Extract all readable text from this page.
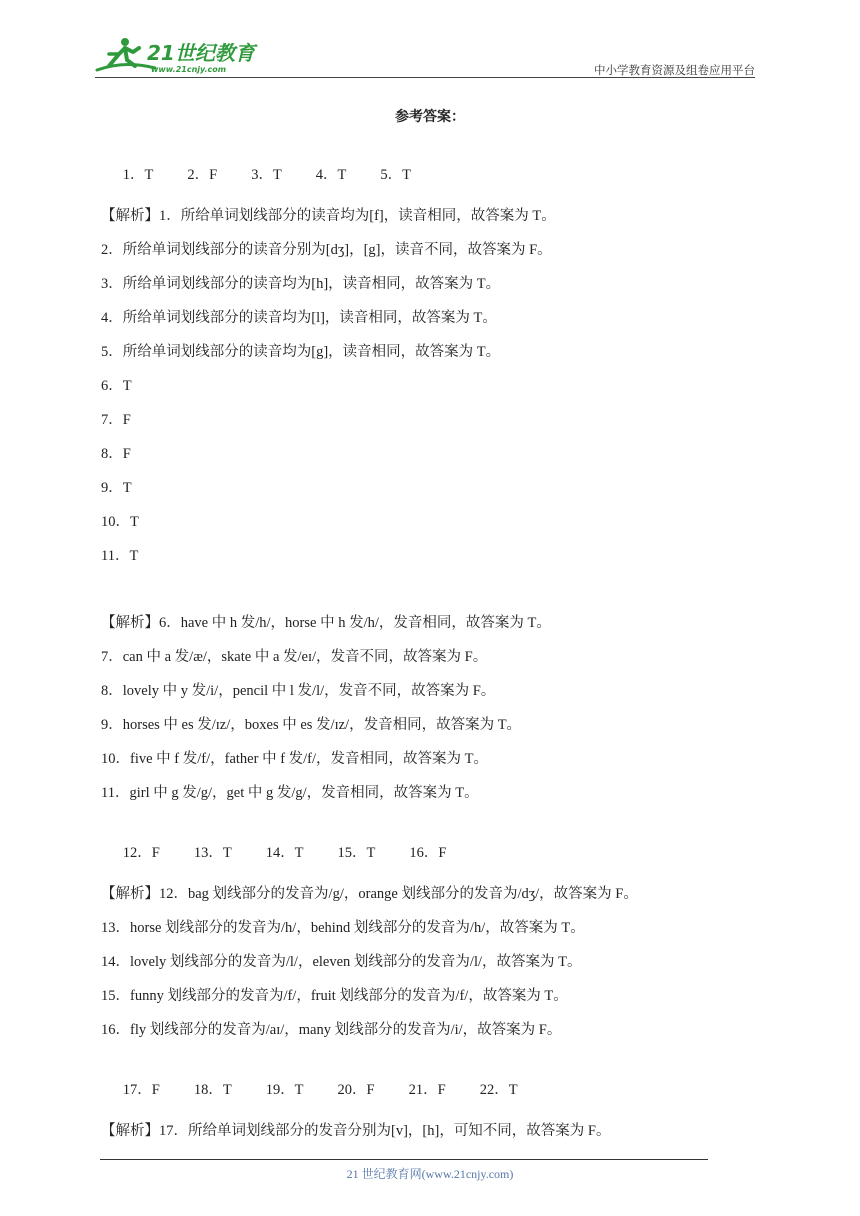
21世纪教育
www.21cnjy.com	中小学教育资源及组卷应用平台
参考答案：

1．T 2．F 3．T 4．T 5．T

【解析】1．所给单词划线部分的读音均为[f]，读音相同，故答案为 T。
2．所给单词划线部分的读音分别为[dʒ]，[g]，读音不同，故答案为 F。
3．所给单词划线部分的读音均为[h]，读音相同，故答案为 T。
4．所给单词划线部分的读音均为[l]，读音相同，故答案为 T。
5．所给单词划线部分的读音均为[g]，读音相同，故答案为 T。
6．T
7．F
8．F
9．T
10．T
11．T
【解析】6．have 中 h 发/h/，horse 中 h 发/h/，发音相同，故答案为 T。
7．can 中 a 发/æ/，skate 中 a 发/eɪ/，发音不同，故答案为 F。
8．lovely 中 y 发/i/，pencil 中 l 发/l/，发音不同，故答案为 F。
9．horses 中 es 发/ɪz/，boxes 中 es 发/ɪz/，发音相同，故答案为 T。
10．five 中 f 发/f/，father 中 f 发/f/，发音相同，故答案为 T。
11．girl 中 g 发/g/，get 中 g 发/g/，发音相同，故答案为 T。

12．F 13．T 14．T 15．T 16．F

【解析】12．bag 划线部分的发音为/g/，orange 划线部分的发音为/dʒ/，故答案为 F。
13．horse 划线部分的发音为/h/，behind 划线部分的发音为/h/，故答案为 T。
14．lovely 划线部分的发音为/l/，eleven 划线部分的发音为/l/，故答案为 T。
15．funny 划线部分的发音为/f/，fruit 划线部分的发音为/f/，故答案为 T。
16．fly 划线部分的发音为/aɪ/，many 划线部分的发音为/i/，故答案为 F。

17．F 18．T 19．T 20．F 21．F 22．T

【解析】17．所给单词划线部分的发音分别为[v]，[h]，可知不同，故答案为 F。
21 世纪教育网(www.21cnjy.com)
